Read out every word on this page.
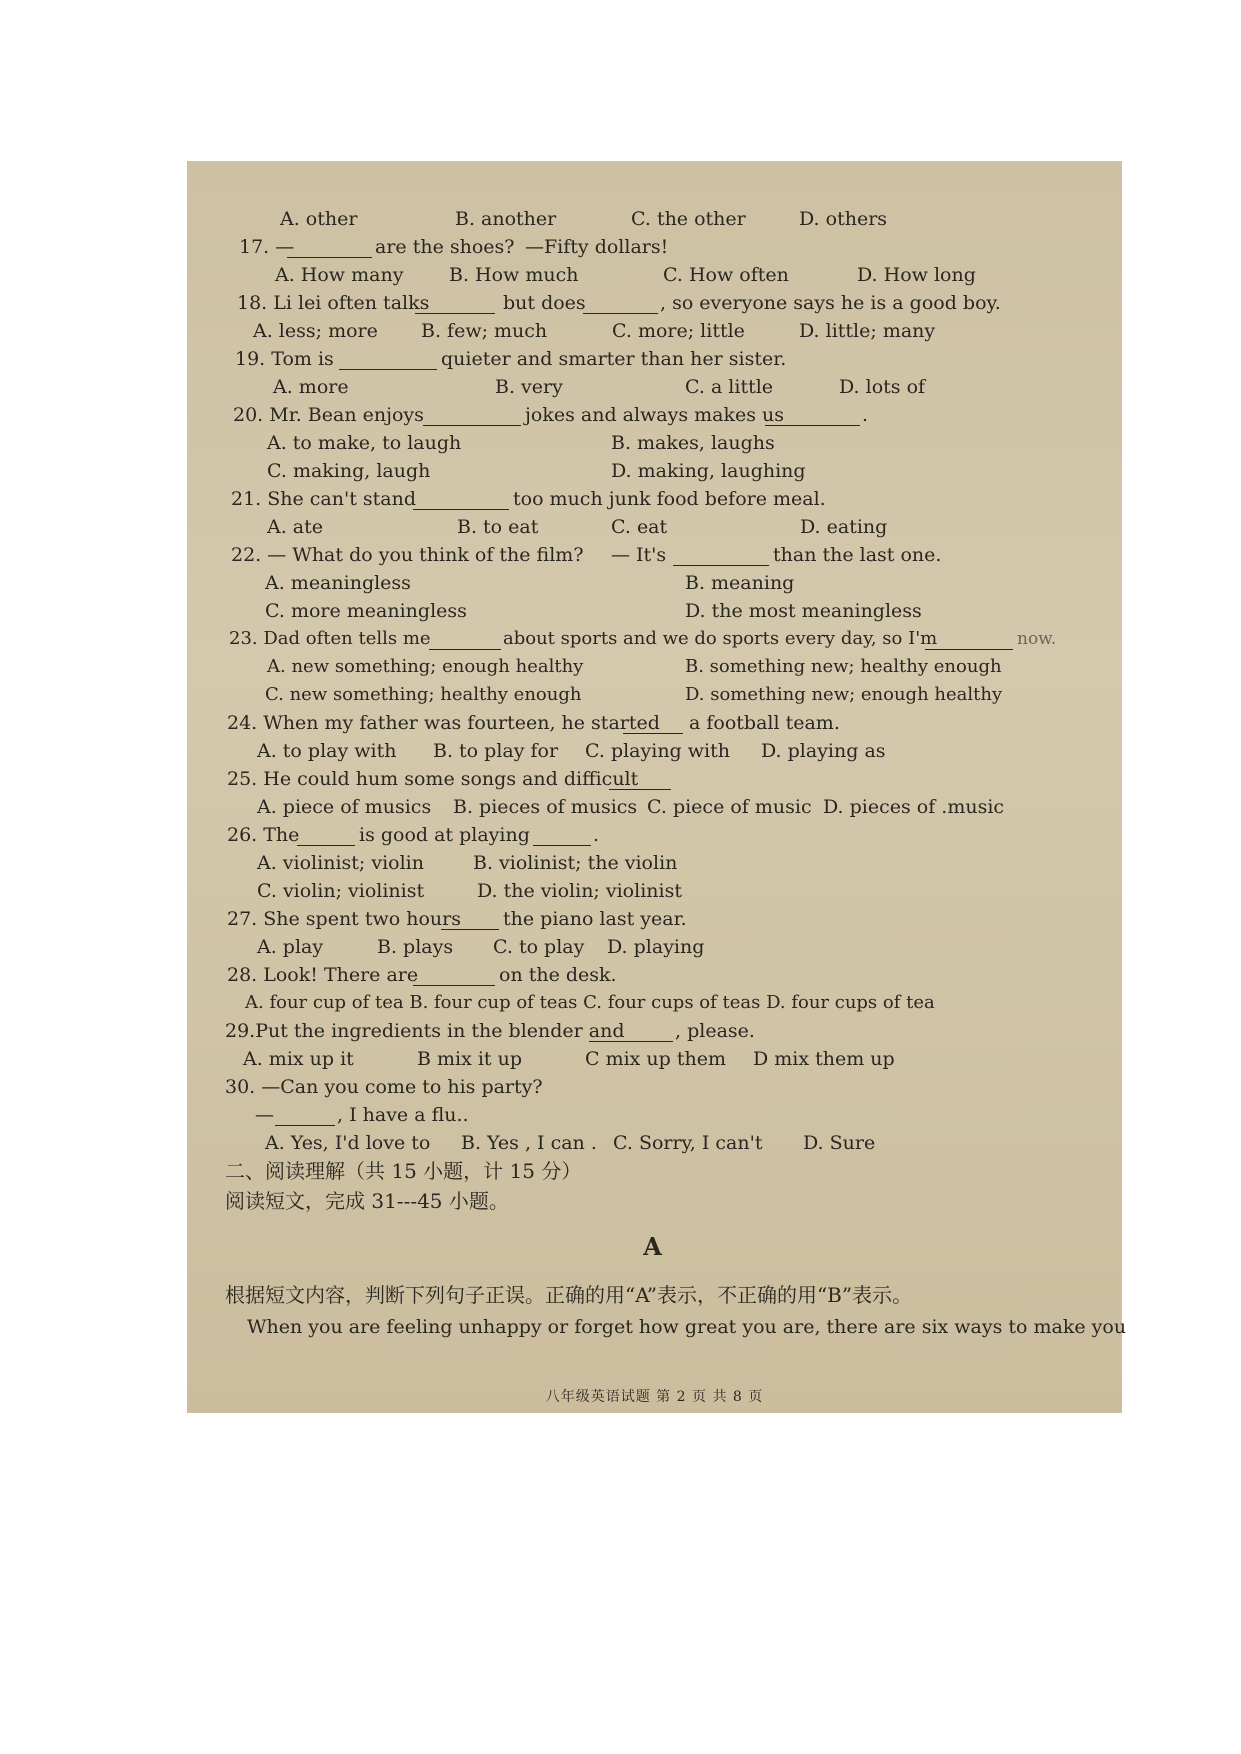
A. other	B. another	C. the other	D. others
17. —	are the shoes? —Fifty dollars!
A. How many B. How much	C. How often	D. How long
18. Li lei often talks	but does	, so everyone says he is a good boy.
A. less; more B. few; much	C. more; little	D. little; many
19. Tom is	quieter and smarter than her sister.
A. more	B. very	C. a little	D. lots of
20. Mr. Bean enjoys	jokes and always makes us	.
A. to make, to laugh	B. makes, laughs
C. making, laugh	D. making, laughing
21. She can't stand	too much junk food before meal.
A. ate	B. to eat	C. eat	D. eating
22. — What do you think of the film? — It's	than the last one.
A. meaningless	B. meaning
C. more meaningless	D. the most meaningless
23. Dad often tells me	about sports and we do sports every day, so I'm	now.
A. new something; enough healthy	B. something new; healthy enough
C. new something; healthy enough	D. something new; enough healthy
24. When my father was fourteen, he started a football team.
A. to play with B. to play for C. playing with D. playing as
25. He could hum some songs and difficult
A. piece of musics B. pieces of musics C. piece of music D. pieces of .music
26. The	is good at playing	.
A. violinist; violin	B. violinist; the violin
C. violin; violinist	D. the violin; violinist
27. She spent two hours the piano last year.
A. play	B. plays C. to play D. playing
28. Look! There are	on the desk.
A. four cup of tea B. four cup of teas C. four cups of teas D. four cups of tea
29.Put the ingredients in the blender and	, please.
A. mix up it	B mix it up	C mix up them D mix them up
30. —Can you come to his party?
—	, I have a flu..
A. Yes, I'd love to B. Yes , I can . C. Sorry, I can't D. Sure
二、阅读理解（共 15 小题，计 15 分）
阅读短文，完成 31---45 小题。
A
根据短文内容，判断下列句子正误。正确的用“A”表示，不正确的用“B”表示。
When you are feeling unhappy or forget how great you are, there are six ways to make you
八年级英语试题 第 2 页 共 8 页
